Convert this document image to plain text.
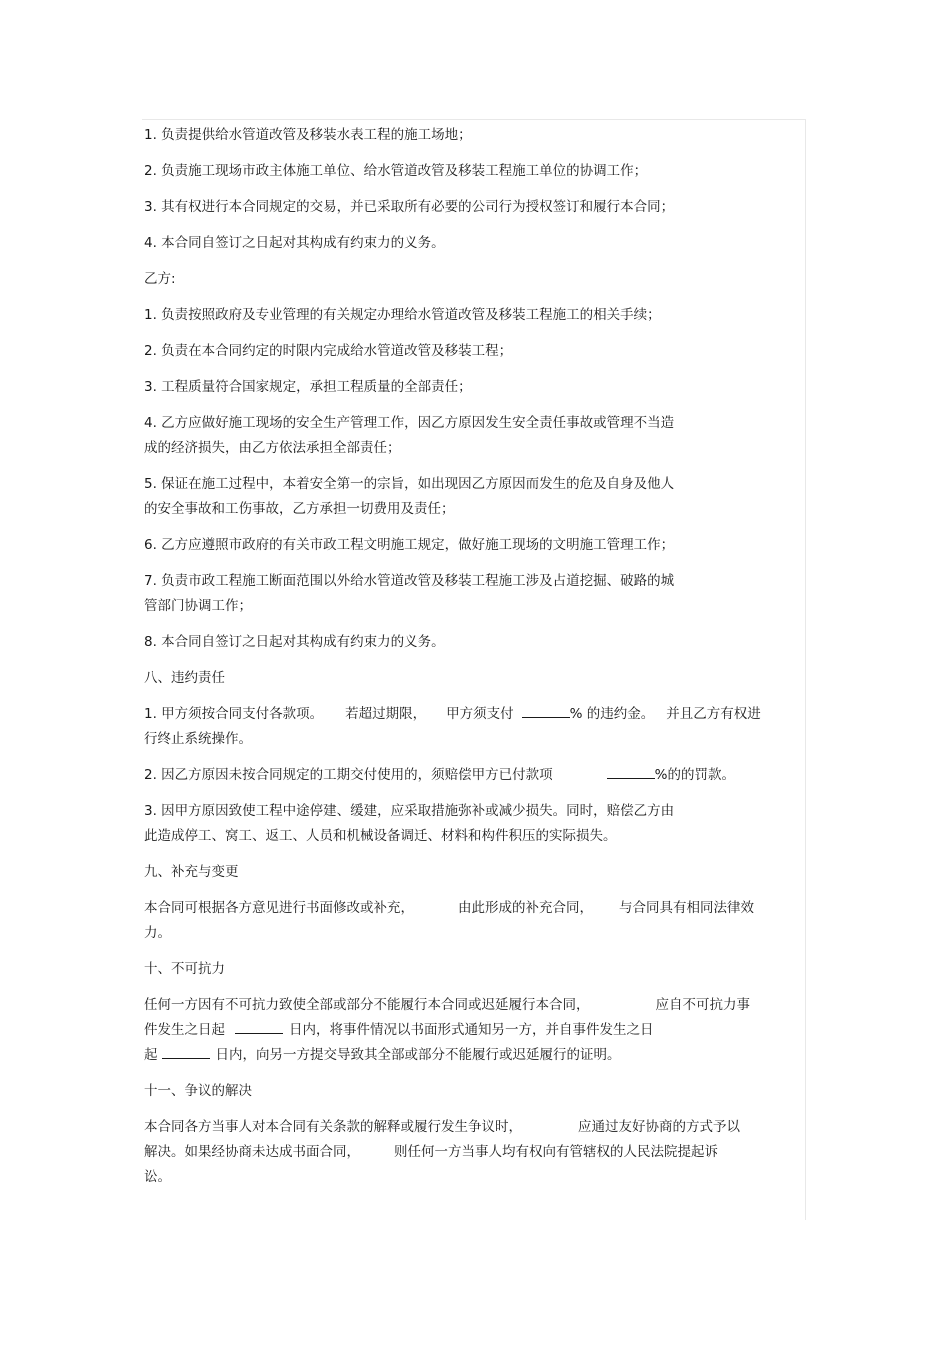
1. 负责提供给水管道改管及移装水表工程的施工场地；
2. 负责施工现场市政主体施工单位、给水管道改管及移装工程施工单位的协调工作；
3. 其有权进行本合同规定的交易，并已采取所有必要的公司行为授权签订和履行本合同；
4. 本合同自签订之日起对其构成有约束力的义务。
乙方:
1. 负责按照政府及专业管理的有关规定办理给水管道改管及移装工程施工的相关手续；
2. 负责在本合同约定的时限内完成给水管道改管及移装工程；
3. 工程质量符合国家规定，承担工程质量的全部责任；
4. 乙方应做好施工现场的安全生产管理工作，因乙方原因发生安全责任事故或管理不当造
成的经济损失，由乙方依法承担全部责任；
5. 保证在施工过程中，本着安全第一的宗旨，如出现因乙方原因而发生的危及自身及他人
的安全事故和工伤事故，乙方承担一切费用及责任；
6. 乙方应遵照市政府的有关市政工程文明施工规定，做好施工现场的文明施工管理工作；
7. 负责市政工程施工断面范围以外给水管道改管及移装工程施工涉及占道挖掘、破路的城
管部门协调工作；
8. 本合同自签订之日起对其构成有约束力的义务。
八、违约责任
1. 甲方须按合同支付各款项。 若超过期限， 甲方须支付	% 的违约金。 并且乙方有权进
行终止系统操作。
2. 因乙方原因未按合同规定的工期交付使用的，须赔偿甲方已付款项	%的的罚款。
3. 因甲方原因致使工程中途停建、缓建，应采取措施弥补或减少损失。同时，赔偿乙方由
此造成停工、窝工、返工、人员和机械设备调迁、材料和构件积压的实际损失。
九、补充与变更
本合同可根据各方意见进行书面修改或补充，	由此形成的补充合同， 与合同具有相同法律效
力。
十、不可抗力
任何一方因有不可抗力致使全部或部分不能履行本合同或迟延履行本合同，	应自不可抗力事
件发生之日起	日内，将事件情况以书面形式通知另一方，并自事件发生之日
起	日内，向另一方提交导致其全部或部分不能履行或迟延履行的证明。
十一、争议的解决
本合同各方当事人对本合同有关条款的解释或履行发生争议时，	应通过友好协商的方式予以
解决。如果经协商未达成书面合同，	则任何一方当事人均有权向有管辖权的人民法院提起诉
讼。
